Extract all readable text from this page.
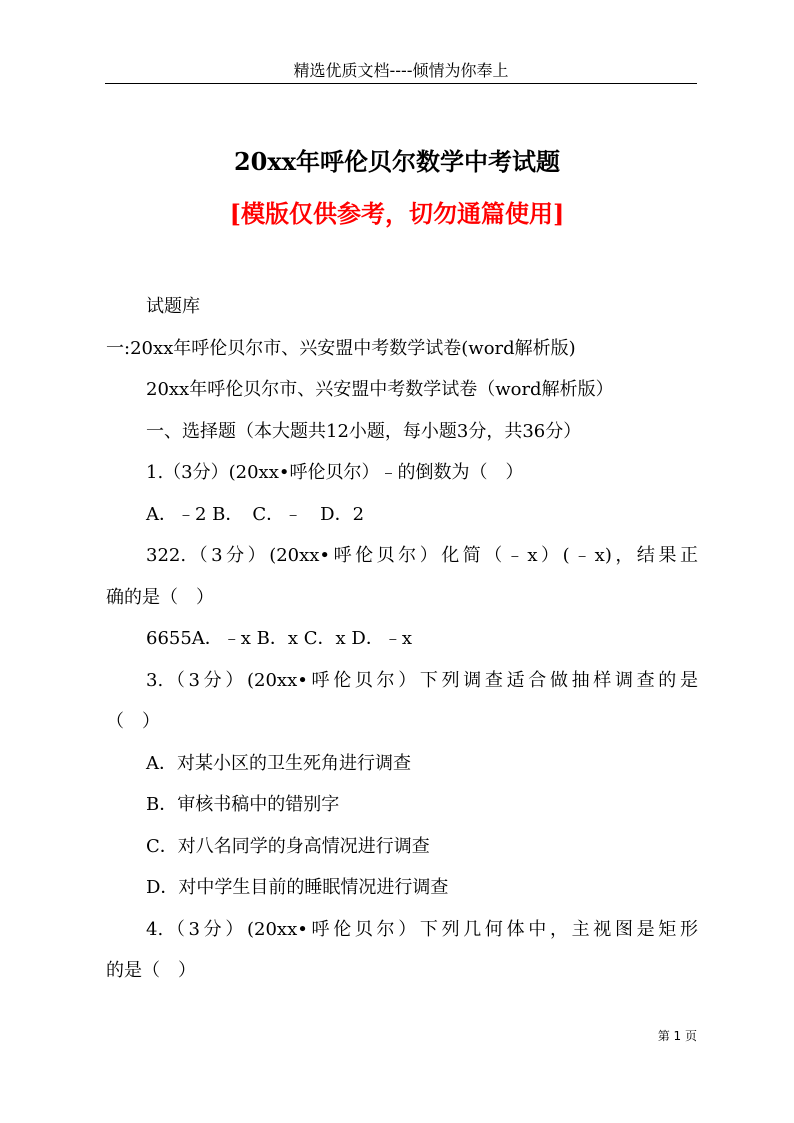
精选优质文档----倾情为你奉上
20xx年呼伦贝尔数学中考试题
[模版仅供参考，切勿通篇使用]

试题库

一:20xx年呼伦贝尔市、兴安盟中考数学试卷(word解析版)

20xx年呼伦贝尔市、兴安盟中考数学试卷（word解析版）

一、选择题（本大题共12小题，每小题3分，共36分）

1.（3分）(20xx•呼伦贝尔）﹣的倒数为（　）

A．﹣2 B．　C．﹣　D．2

322.（3分）(20xx•呼伦贝尔）化简（﹣x）(﹣x)，结果正

确的是（　）

6655A．﹣x B．x C．x D．﹣x

3.（3分）(20xx•呼伦贝尔）下列调查适合做抽样调查的是

（　）

A．对某小区的卫生死角进行调查

B．审核书稿中的错别字

C．对八名同学的身高情况进行调查

D．对中学生目前的睡眠情况进行调查

4.（3分）(20xx•呼伦贝尔）下列几何体中，主视图是矩形

的是（　）

第 1 页
